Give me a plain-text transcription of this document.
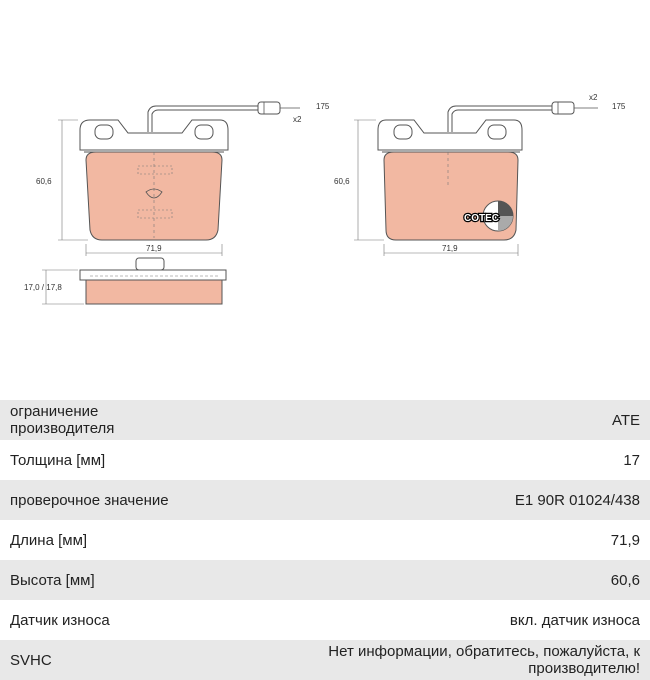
175
x2
60,6
71,9
17,0 / 17,8
175
x2
COTEC
60,6
71,9
ограничение производителя	ATE
Толщина [мм]	17
проверочное значение	E1 90R 01024/438
Длина [мм]	71,9
Высота [мм]	60,6
Датчик износа	вкл. датчик износа
SVHC	Нет информации, обратитесь, пожалуйста, к производителю!
